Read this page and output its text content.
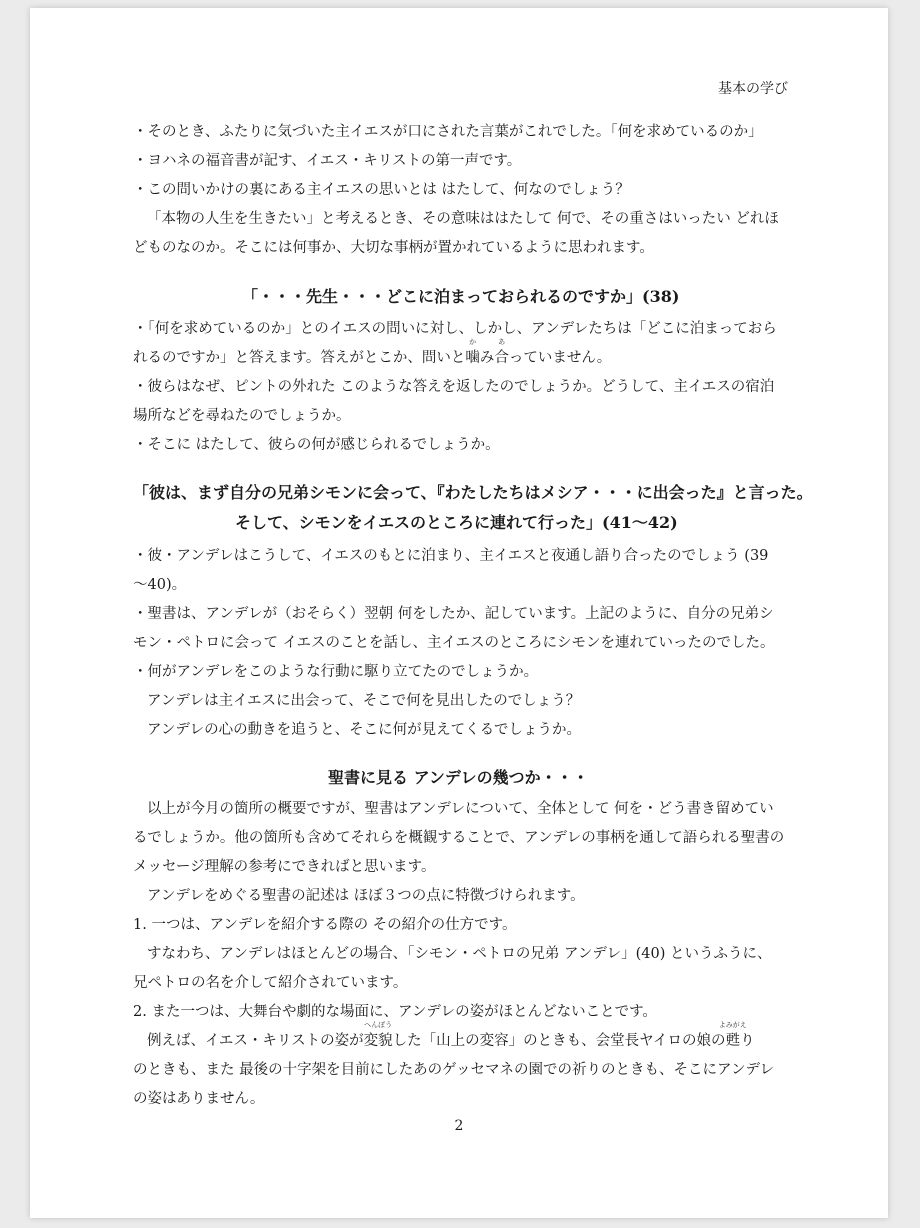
基本の学び
・そのとき、ふたりに気づいた主イエスが口にされた言葉がこれでした。「何を求めているのか」
・ヨハネの福音書が記す、イエス・キリストの第一声です。
・この問いかけの裏にある主イエスの思いとは はたして、何なのでしょう？
「本物の人生を生きたい」と考えるとき、その意味ははたして 何で、その重さはいったい どれほ
どものなのか。そこには何事か、大切な事柄が置かれているように思われます。
「・・・先生・・・どこに泊まっておられるのですか」(38)
・「何を求めているのか」とのイエスの問いに対し、しかし、アンデレたちは「どこに泊まっておら
れるのですか」と答えます。答えがとこか、問いと
か
噛み
あ
合っていません。
・彼らはなぜ、ピントの外れた このような答えを返したのでしょうか。どうして、主イエスの宿泊
場所などを尋ねたのでしょうか。
・そこに はたして、彼らの何が感じられるでしょうか。
「彼は、まず自分の兄弟シモンに会って、『わたしたちはメシア・・・に出会った』と言った。
そして、シモンをイエスのところに連れて行った」(41〜42)
・彼・アンデレはこうして、イエスのもとに泊まり、主イエスと夜通し語り合ったのでしょう (39
〜40)。
・聖書は、アンデレが（おそらく）翌朝 何をしたか、記しています。上記のように、自分の兄弟シ
モン・ペトロに会って イエスのことを話し、主イエスのところにシモンを連れていったのでした。
・何がアンデレをこのような行動に駆り立てたのでしょうか。
アンデレは主イエスに出会って、そこで何を見出したのでしょう？
アンデレの心の動きを追うと、そこに何が見えてくるでしょうか。
聖書に見る アンデレの幾つか・・・
以上が今月の箇所の概要ですが、聖書はアンデレについて、全体として 何を・どう書き留めてい
るでしょうか。他の箇所も含めてそれらを概観することで、アンデレの事柄を通して語られる聖書の
メッセージ理解の参考にできればと思います。
アンデレをめぐる聖書の記述は ほぼ３つの点に特徴づけられます。
1. 一つは、アンデレを紹介する際の その紹介の仕方です。
すなわち、アンデレはほとんどの場合、「シモン・ペトロの兄弟 アンデレ」(40) というふうに、
兄ペトロの名を介して紹介されています。
2. また一つは、大舞台や劇的な場面に、アンデレの姿がほとんどないことです。
例えば、イエス・キリストの姿が
へんぼう
変貌した「山上の変容」のときも、会堂長ヤイロの娘の
よみがえ
甦り
のときも、また 最後の十字架を目前にしたあのゲッセマネの園での祈りのときも、そこにアンデレ
の姿はありません。
2
